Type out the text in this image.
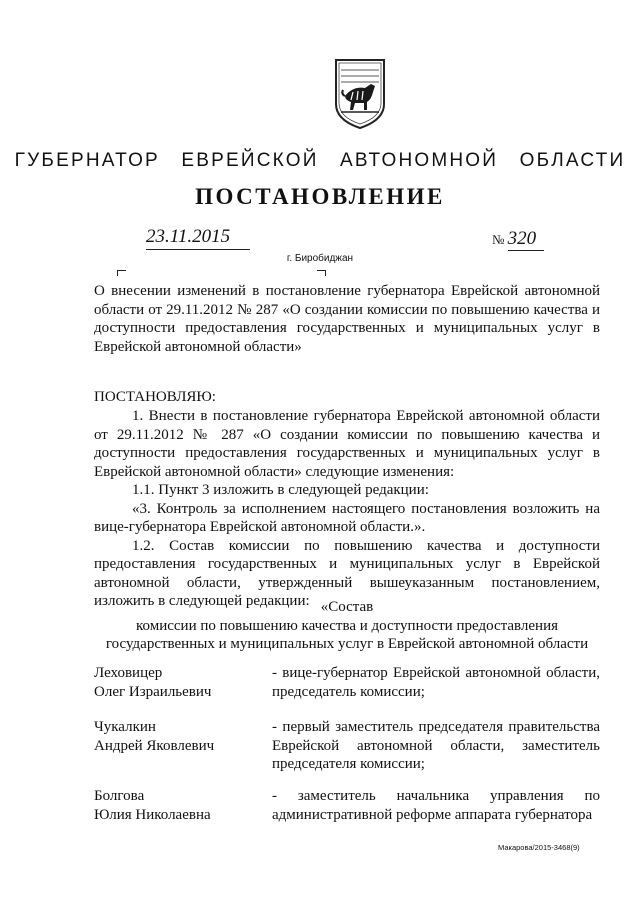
ГУБЕРНАТОР ЕВРЕЙСКОЙ АВТОНОМНОЙ ОБЛАСТИ
ПОСТАНОВЛЕНИЕ
23.11.2015	№ 320
г. Биробиджан
О внесении изменений в постановление губернатора Еврейской автономной области от 29.11.2012 № 287 «О создании комиссии по повышению качества и доступности предоставления государственных и муниципальных услуг в Еврейской автономной области»
ПОСТАНОВЛЯЮ:
1. Внести в постановление губернатора Еврейской автономной области от 29.11.2012 № 287 «О создании комиссии по повышению качества и доступности предоставления государственных и муниципальных услуг в Еврейской автономной области» следующие изменения:
1.1. Пункт 3 изложить в следующей редакции:
«3. Контроль за исполнением настоящего постановления возложить на вице-губернатора Еврейской автономной области.».
1.2. Состав комиссии по повышению качества и доступности предоставления государственных и муниципальных услуг в Еврейской автономной области, утвержденный вышеуказанным постановлением, изложить в следующей редакции: «Состав
комиссии по повышению качества и доступности предоставления
государственных и муниципальных услуг в Еврейской автономной области
Леховицер
Олег Израильевич
- вице-губернатор Еврейской автономной области, председатель комиссии;
Чукалкин
Андрей Яковлевич
- первый заместитель председателя правительства Еврейской автономной области, заместитель председателя комиссии;
Болгова
Юлия Николаевна
- заместитель начальника управления по административной реформе аппарата губернатора
Макарова/2015-3468(9)
